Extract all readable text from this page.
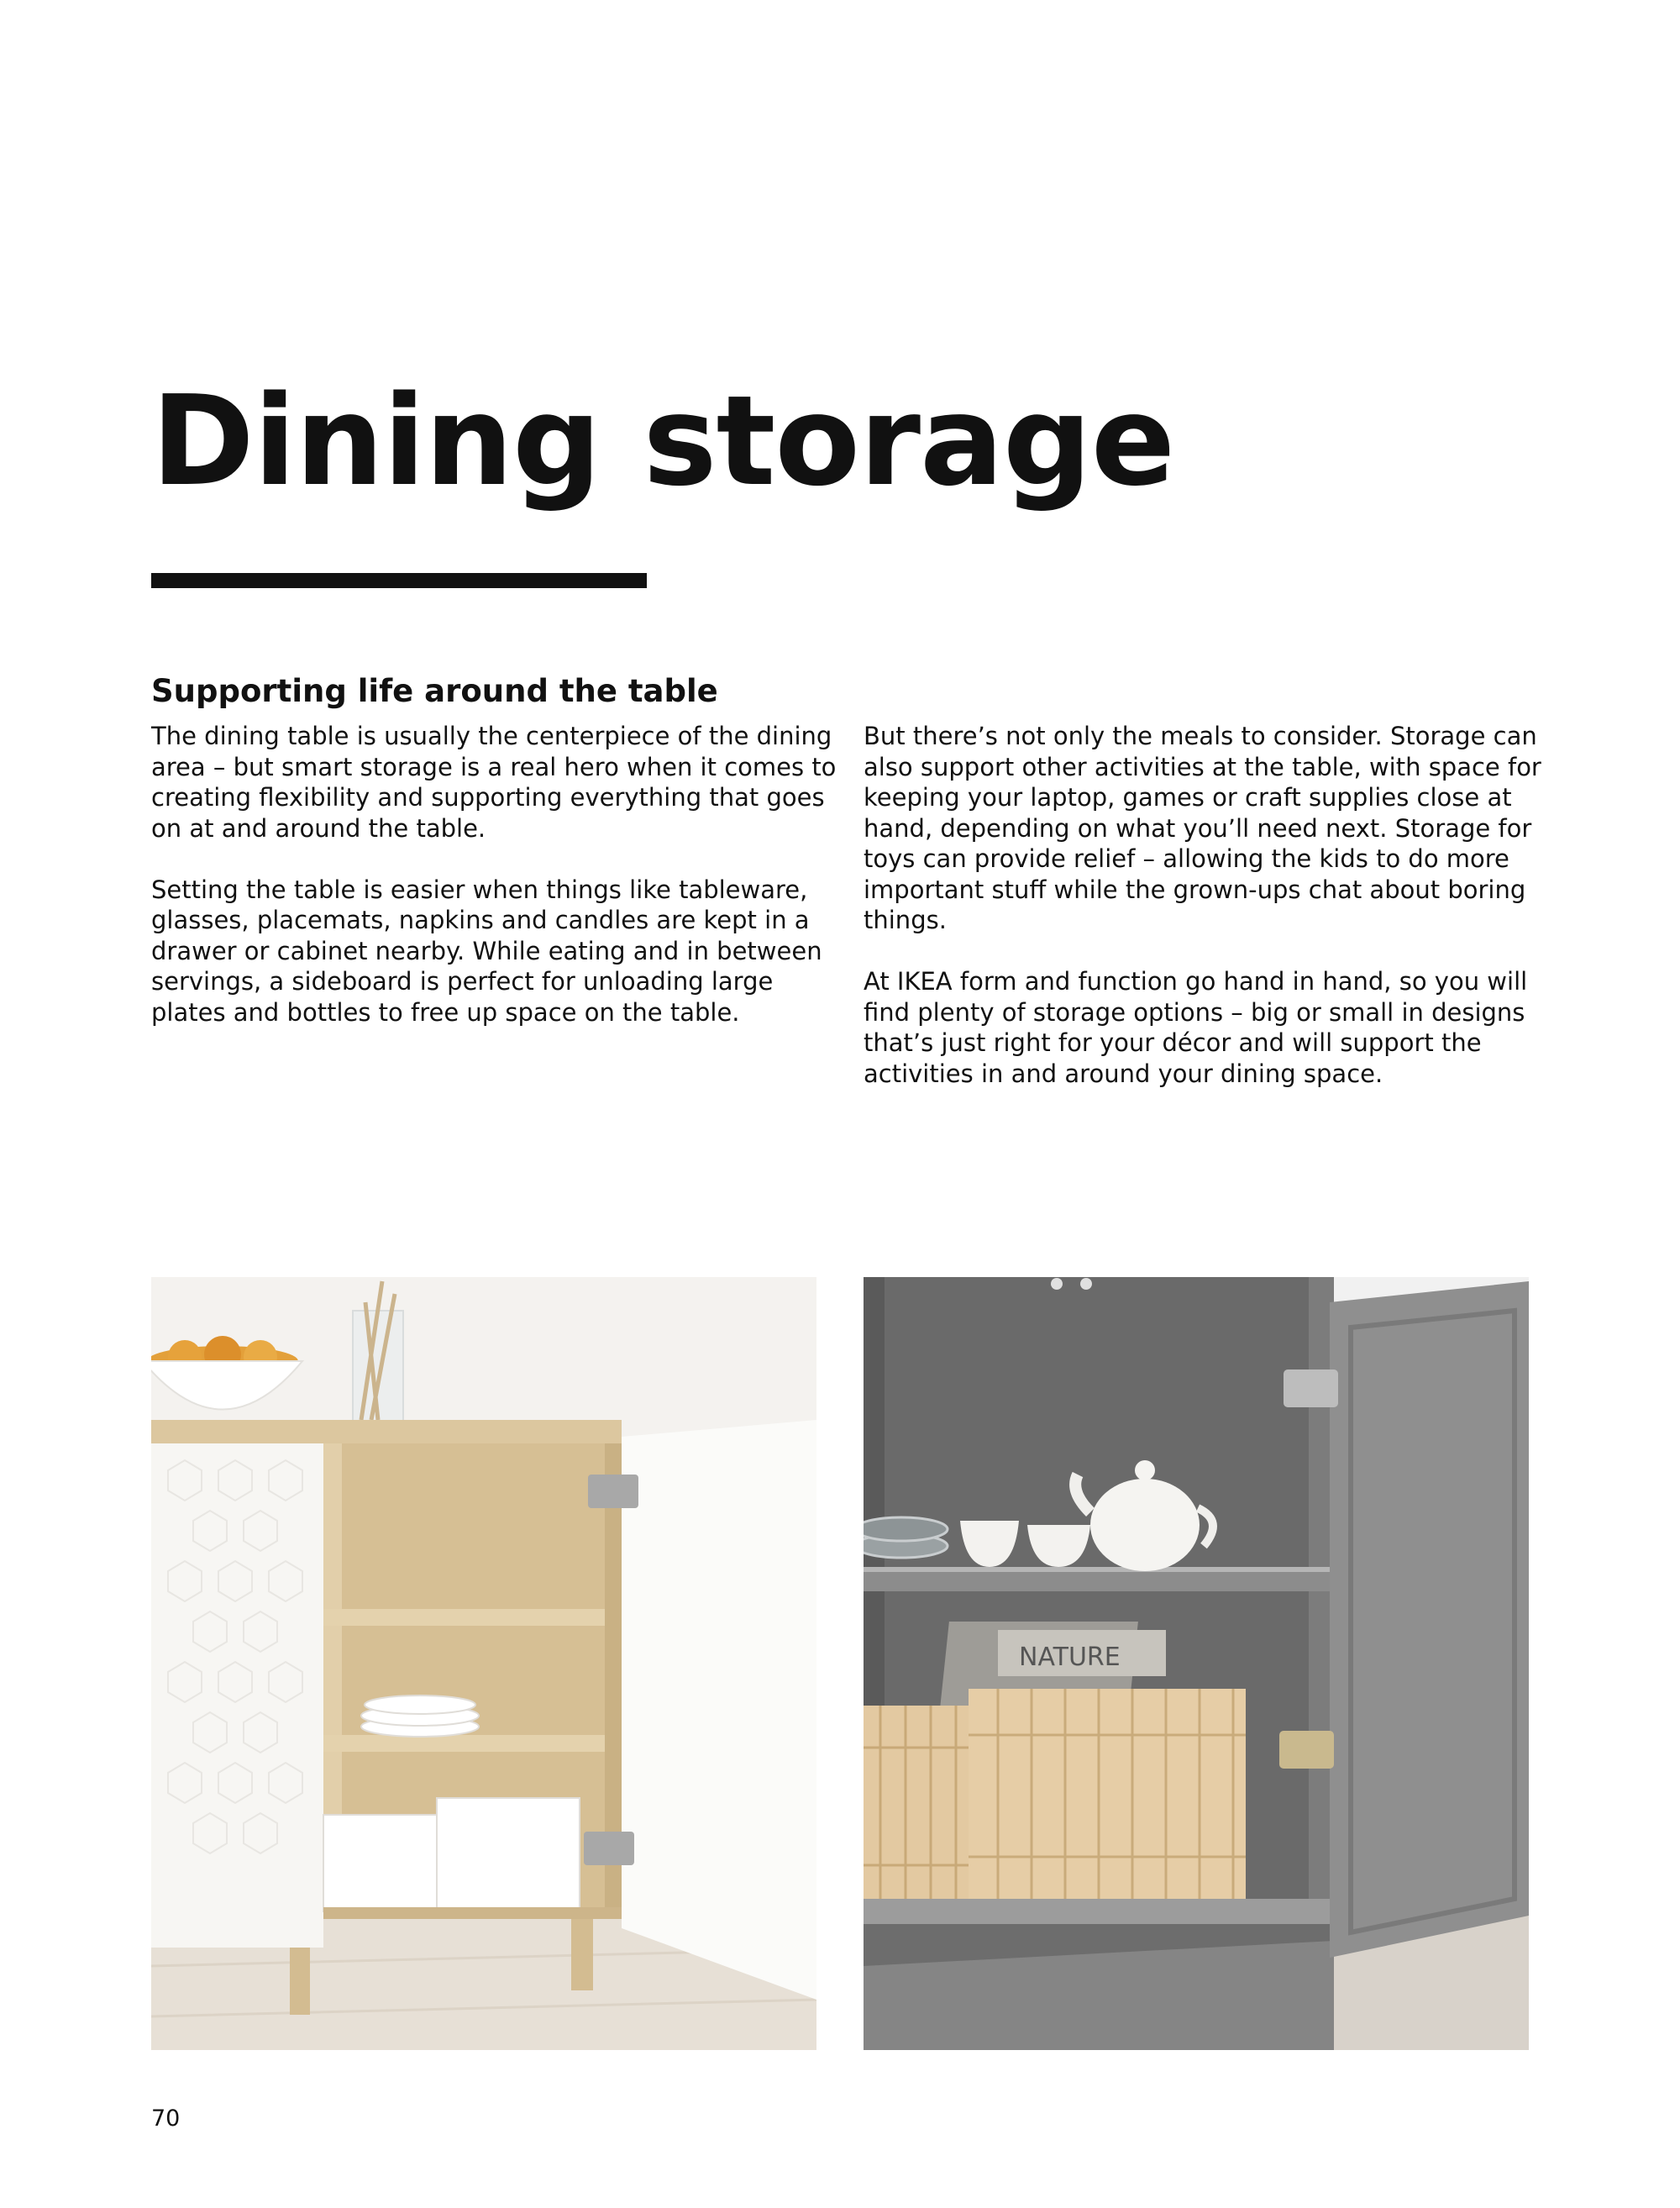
Dining storage
Supporting life around the table

The dining table is usually the centerpiece of the dining area – but smart storage is a real hero when it comes to creating flexibility and supporting everything that goes on at and around the table.

Setting the table is easier when things like tableware, glasses, placemats, napkins and candles are kept in a drawer or cabinet nearby. While eating and in between servings, a sideboard is perfect for unloading large plates and bottles to free up space on the table.

But there’s not only the meals to consider. Storage can also support other activities at the table, with space for keeping your laptop, games or craft supplies close at hand, depending on what you’ll need next. Storage for toys can provide relief – allowing the kids to do more important stuff while the grown-ups chat about boring things.

At IKEA form and function go hand in hand, so you will find plenty of storage options – big or small in designs that’s just right for your décor and will support the activities in and around your dining space.

NATURE
70
